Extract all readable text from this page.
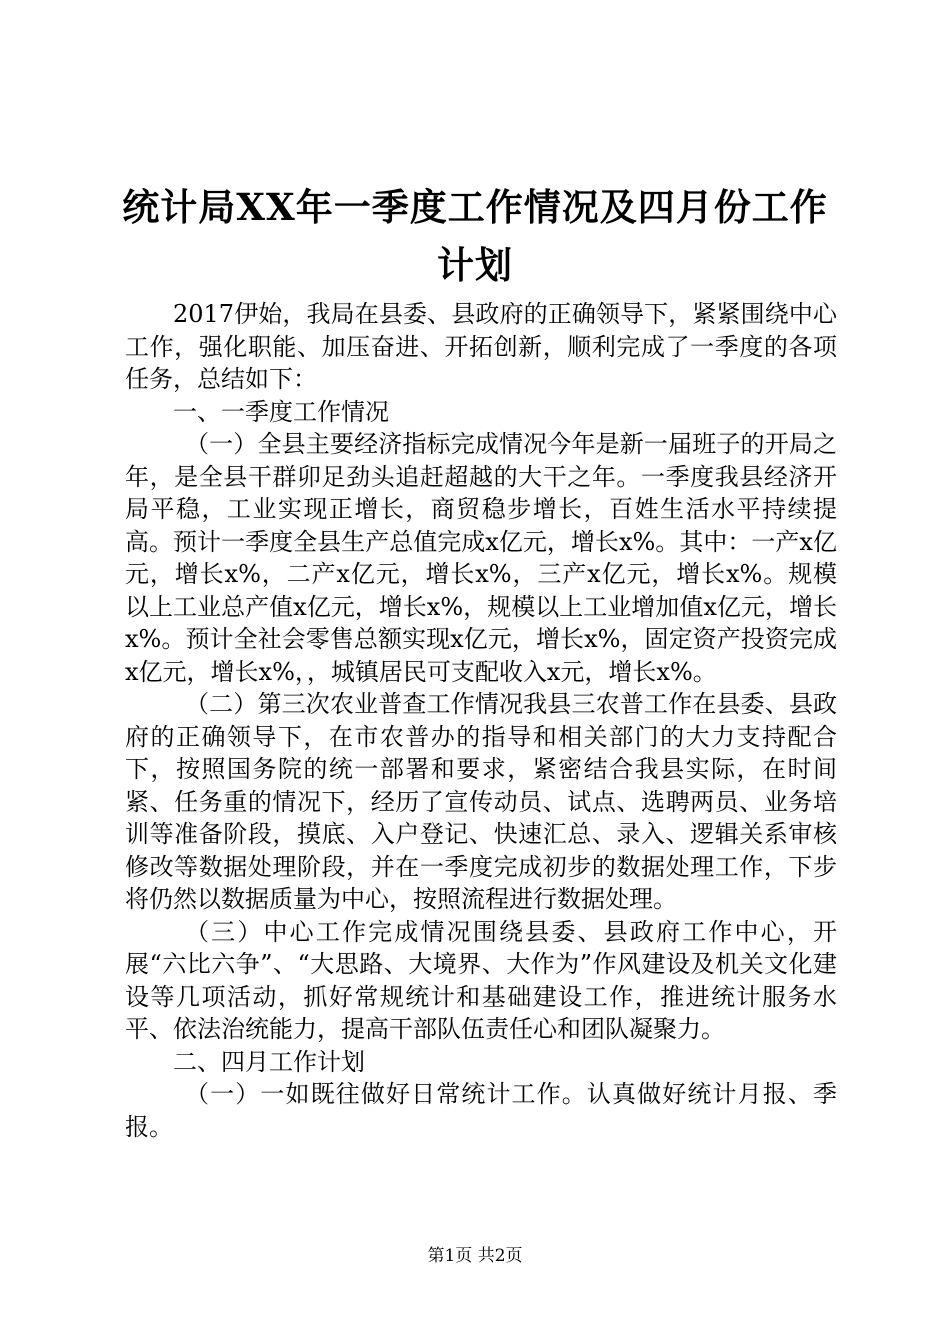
统计局XX年一季度工作情况及四月份工作计划

2017伊始，我局在县委、县政府的正确领导下，紧紧围绕中心工作，强化职能、加压奋进、开拓创新，顺利完成了一季度的各项任务，总结如下：

一、一季度工作情况

（一）全县主要经济指标完成情况今年是新一届班子的开局之年，是全县干群卯足劲头追赶超越的大干之年。一季度我县经济开局平稳，工业实现正增长，商贸稳步增长，百姓生活水平持续提高。预计一季度全县生产总值完成x亿元，增长x%。其中：一产x亿元，增长x%，二产x亿元，增长x%，三产x亿元，增长x%。规模以上工业总产值x亿元，增长x%，规模以上工业增加值x亿元，增长x%。预计全社会零售总额实现x亿元，增长x%，固定资产投资完成x亿元，增长x%，，城镇居民可支配收入x元，增长x%。

（二）第三次农业普查工作情况我县三农普工作在县委、县政府的正确领导下，在市农普办的指导和相关部门的大力支持配合下，按照国务院的统一部署和要求，紧密结合我县实际，在时间紧、任务重的情况下，经历了宣传动员、试点、选聘两员、业务培训等准备阶段，摸底、入户登记、快速汇总、录入、逻辑关系审核修改等数据处理阶段，并在一季度完成初步的数据处理工作，下步将仍然以数据质量为中心，按照流程进行数据处理。

（三）中心工作完成情况围绕县委、县政府工作中心，开展“六比六争”、“大思路、大境界、大作为”作风建设及机关文化建设等几项活动，抓好常规统计和基础建设工作，推进统计服务水平、依法治统能力，提高干部队伍责任心和团队凝聚力。

二、四月工作计划

（一）一如既往做好日常统计工作。认真做好统计月报、季报。

第1页 共2页
